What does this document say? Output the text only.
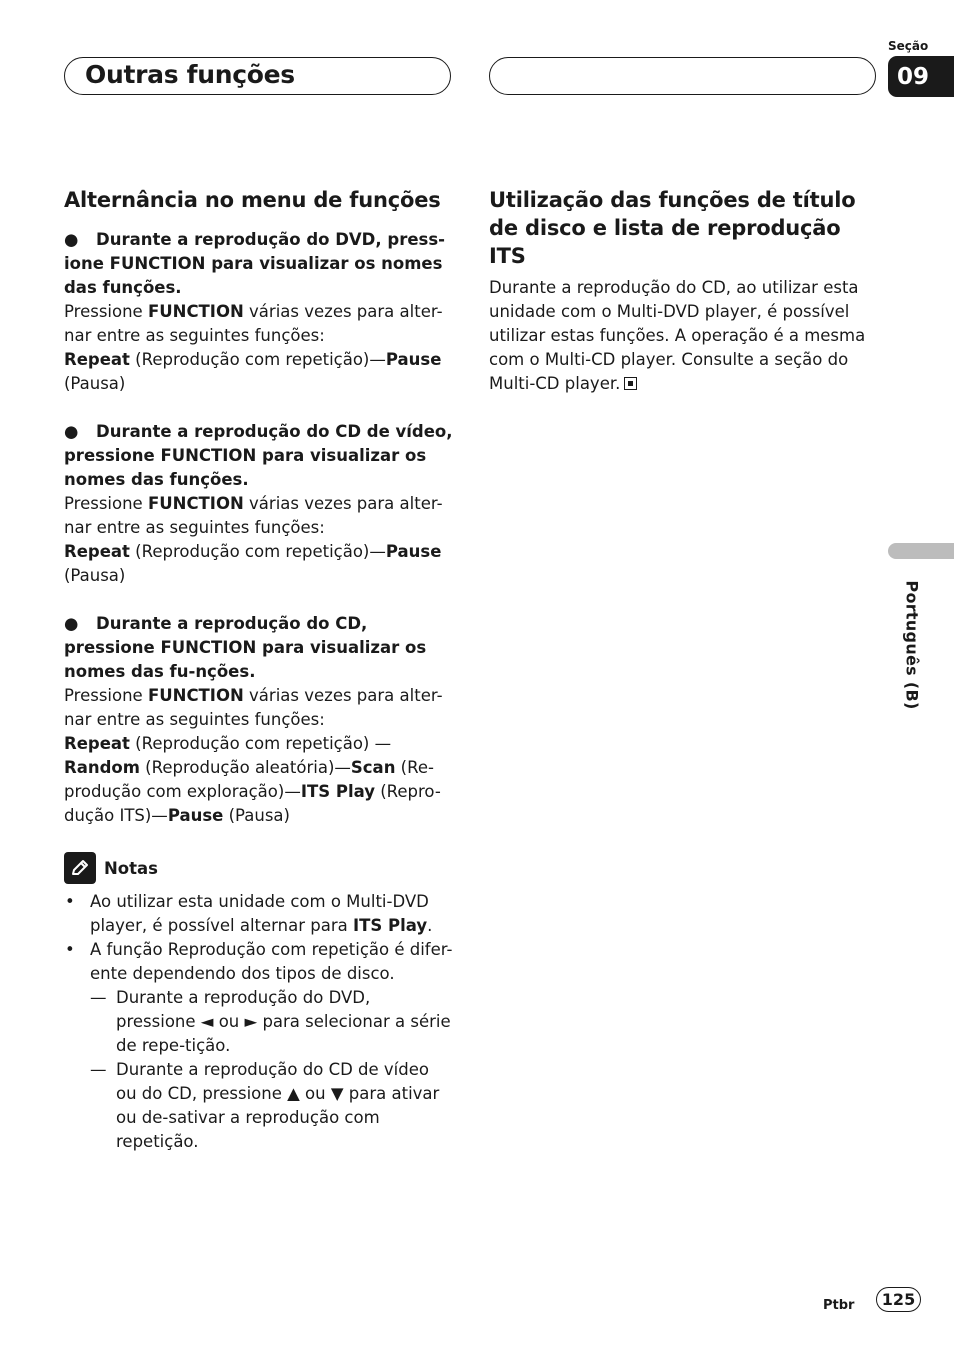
Outras funções
Seção
09
Português (B)
Alternância no menu de funções
● Durante a reprodução do DVD, press-ione FUNCTION para visualizar os nomes das funções.
Pressione FUNCTION várias vezes para alter-nar entre as seguintes funções:
Repeat (Reprodução com repetição)—Pause
(Pausa)
● Durante a reprodução do CD de vídeo, pressione FUNCTION para visualizar os nomes das funções.
Pressione FUNCTION várias vezes para alter-nar entre as seguintes funções:
Repeat (Reprodução com repetição)—Pause
(Pausa)
● Durante a reprodução do CD, pressione FUNCTION para visualizar os nomes das fu-nções.
Pressione FUNCTION várias vezes para alter-nar entre as seguintes funções:
Repeat (Reprodução com repetição) —Random (Reprodução aleatória)—Scan (Re-produção com exploração)—ITS Play (Repro-dução ITS)—Pause (Pausa)
Notas
• Ao utilizar esta unidade com o Multi-DVD player, é possível alternar para ITS Play.
• A função Reprodução com repetição é difer-ente dependendo dos tipos de disco.
— Durante a reprodução do DVD, pressione ◄ ou ► para selecionar a série de repe-tição.
— Durante a reprodução do CD de vídeo ou do CD, pressione ▲ ou ▼ para ativar ou de-sativar a reprodução com repetição.
Utilização das funções de título de disco e lista de reprodução ITS
Durante a reprodução do CD, ao utilizar esta unidade com o Multi-DVD player, é possível utilizar estas funções. A operação é a mesma com o Multi-CD player. Consulte a seção do Multi-CD player.
Ptbr	125
